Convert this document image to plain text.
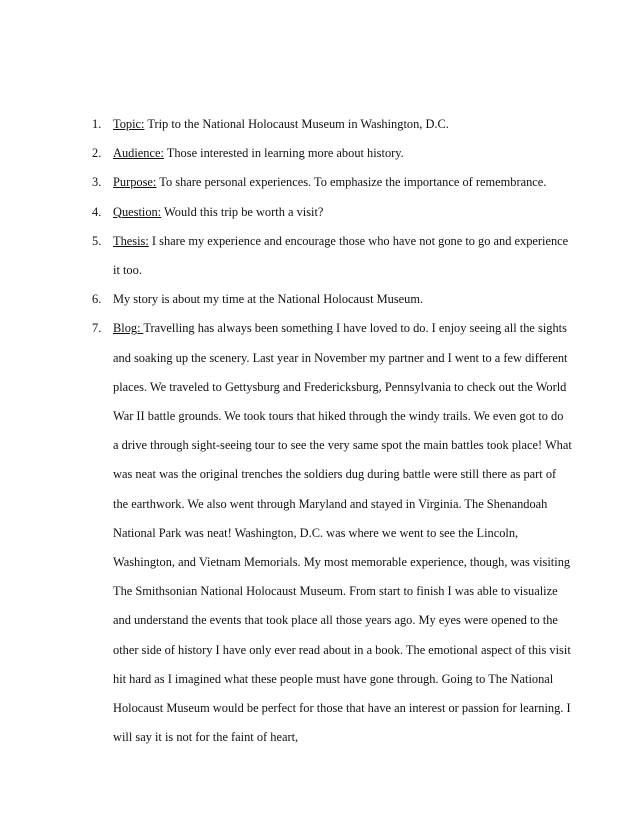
1. Topic: Trip to the National Holocaust Museum in Washington, D.C.
2. Audience: Those interested in learning more about history.
3. Purpose: To share personal experiences. To emphasize the importance of remembrance.
4. Question: Would this trip be worth a visit?
5. Thesis: I share my experience and encourage those who have not gone to go and experience it too.
6. My story is about my time at the National Holocaust Museum.
7. Blog: Travelling has always been something I have loved to do. I enjoy seeing all the sights and soaking up the scenery. Last year in November my partner and I went to a few different places. We traveled to Gettysburg and Fredericksburg, Pennsylvania to check out the World War II battle grounds. We took tours that hiked through the windy trails. We even got to do a drive through sight-seeing tour to see the very same spot the main battles took place! What was neat was the original trenches the soldiers dug during battle were still there as part of the earthwork. We also went through Maryland and stayed in Virginia. The Shenandoah National Park was neat! Washington, D.C. was where we went to see the Lincoln, Washington, and Vietnam Memorials. My most memorable experience, though, was visiting The Smithsonian National Holocaust Museum. From start to finish I was able to visualize and understand the events that took place all those years ago. My eyes were opened to the other side of history I have only ever read about in a book. The emotional aspect of this visit hit hard as I imagined what these people must have gone through. Going to The National Holocaust Museum would be perfect for those that have an interest or passion for learning. I will say it is not for the faint of heart,
